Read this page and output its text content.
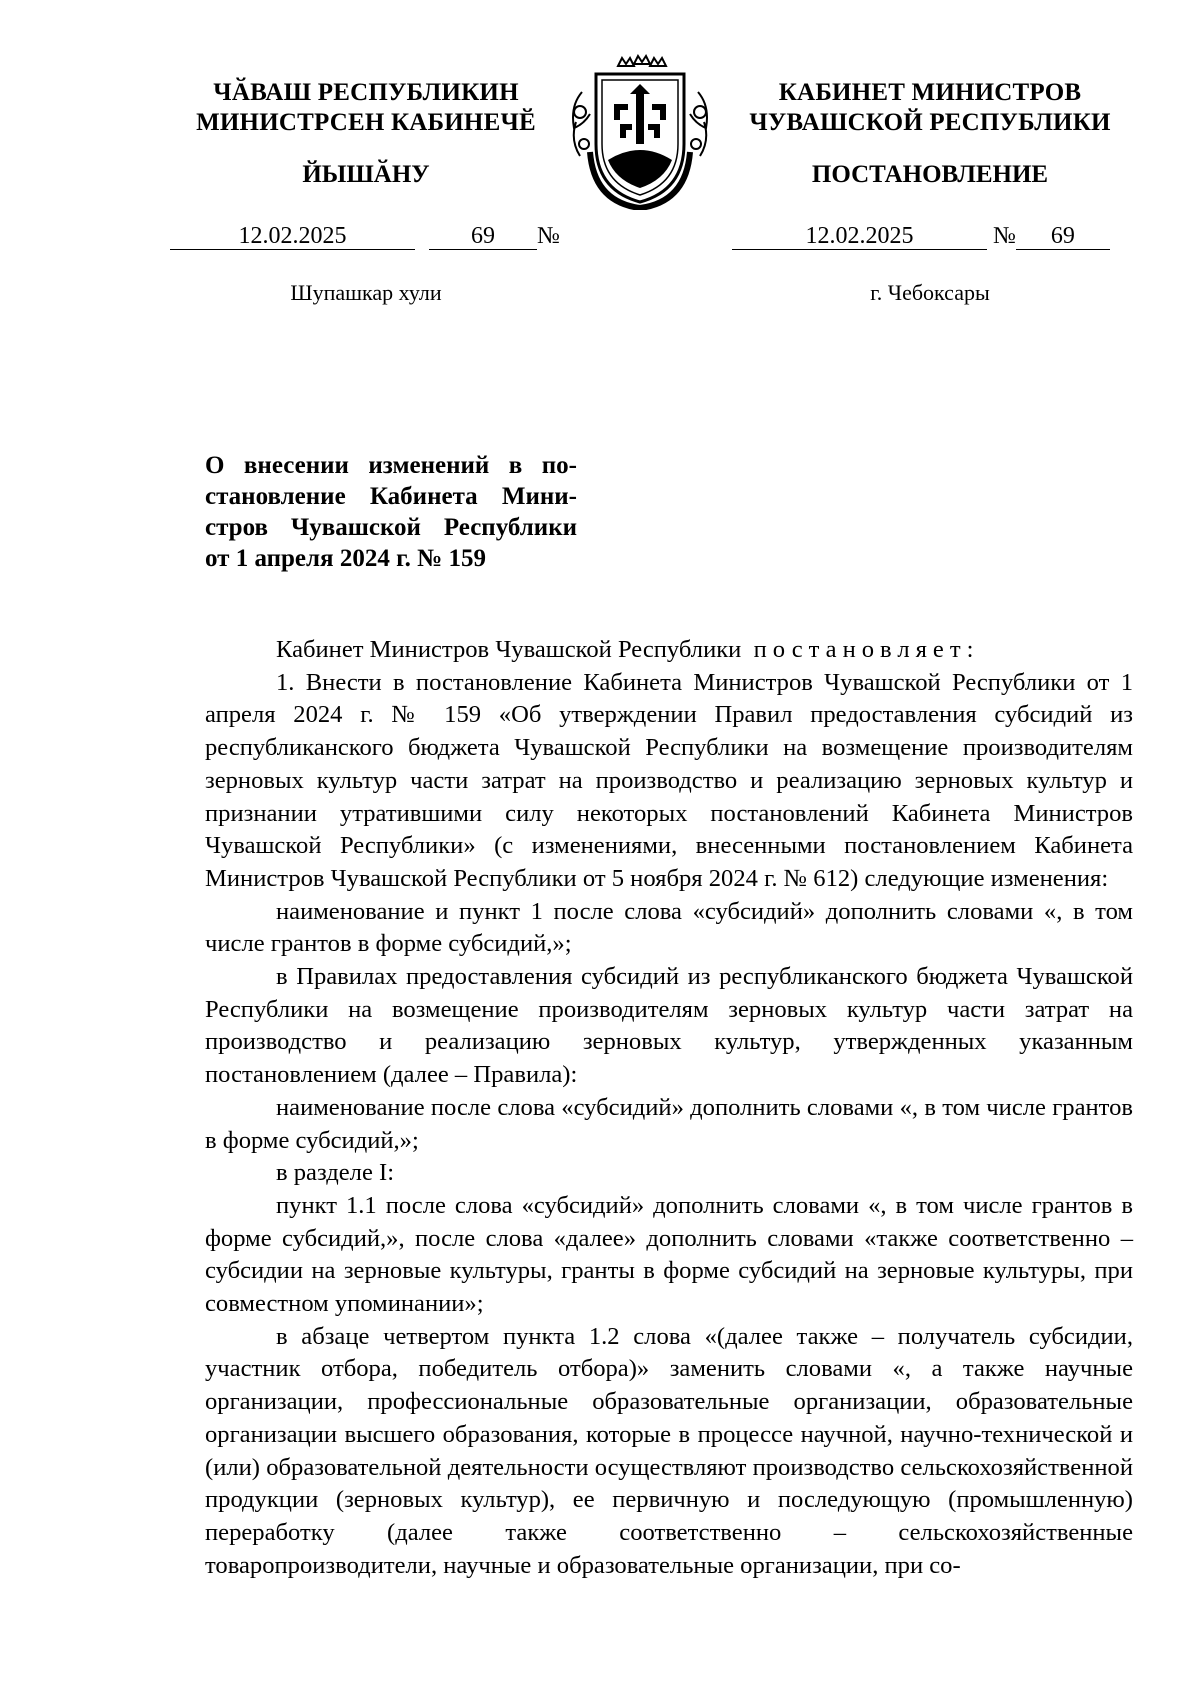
ЧӐВАШ РЕСПУБЛИКИН
МИНИСТРСЕН КАБИНЕЧӖ
ЙЫШӐНУ
КАБИНЕТ МИНИСТРОВ
ЧУВАШСКОЙ РЕСПУБЛИКИ
ПОСТАНОВЛЕНИЕ
12.02.2025	69 №	12.02.2025	№ 69
Шупашкар хули	г. Чебоксары
О внесении изменений в по-
становление Кабинета Мини-
стров Чувашской Республики
от 1 апреля 2024 г. № 159

Кабинет Министров Чувашской Республики постановляет:

1. Внести в постановление Кабинета Министров Чувашской Республики от 1 апреля 2024 г. № 159 «Об утверждении Правил предоставления субсидий из республиканского бюджета Чувашской Республики на возмещение производителям зерновых культур части затрат на производство и реализацию зерновых культур и признании утратившими силу некоторых постановлений Кабинета Министров Чувашской Республики» (с изменениями, внесенными постановлением Кабинета Министров Чувашской Республики от 5 ноября 2024 г. № 612) следующие изменения:

наименование и пункт 1 после слова «субсидий» дополнить словами «, в том числе грантов в форме субсидий,»;

в Правилах предоставления субсидий из республиканского бюджета Чувашской Республики на возмещение производителям зерновых культур части затрат на производство и реализацию зерновых культур, утвержденных указанным постановлением (далее – Правила):

наименование после слова «субсидий» дополнить словами «, в том числе грантов в форме субсидий,»;

в разделе I:

пункт 1.1 после слова «субсидий» дополнить словами «, в том числе грантов в форме субсидий,», после слова «далее» дополнить словами «также соответственно – субсидии на зерновые культуры, гранты в форме субсидий на зерновые культуры, при совместном упоминании»;

в абзаце четвертом пункта 1.2 слова «(далее также – получатель субсидии, участник отбора, победитель отбора)» заменить словами «, а также научные организации, профессиональные образовательные организации, образовательные организации высшего образования, которые в процессе научной, научно-технической и (или) образовательной деятельности осуществляют производство сельскохозяйственной продукции (зерновых культур), ее первичную и последующую (промышленную) переработку (далее также соответственно – сельскохозяйственные товаропроизводители, научные и образовательные организации, при со-
